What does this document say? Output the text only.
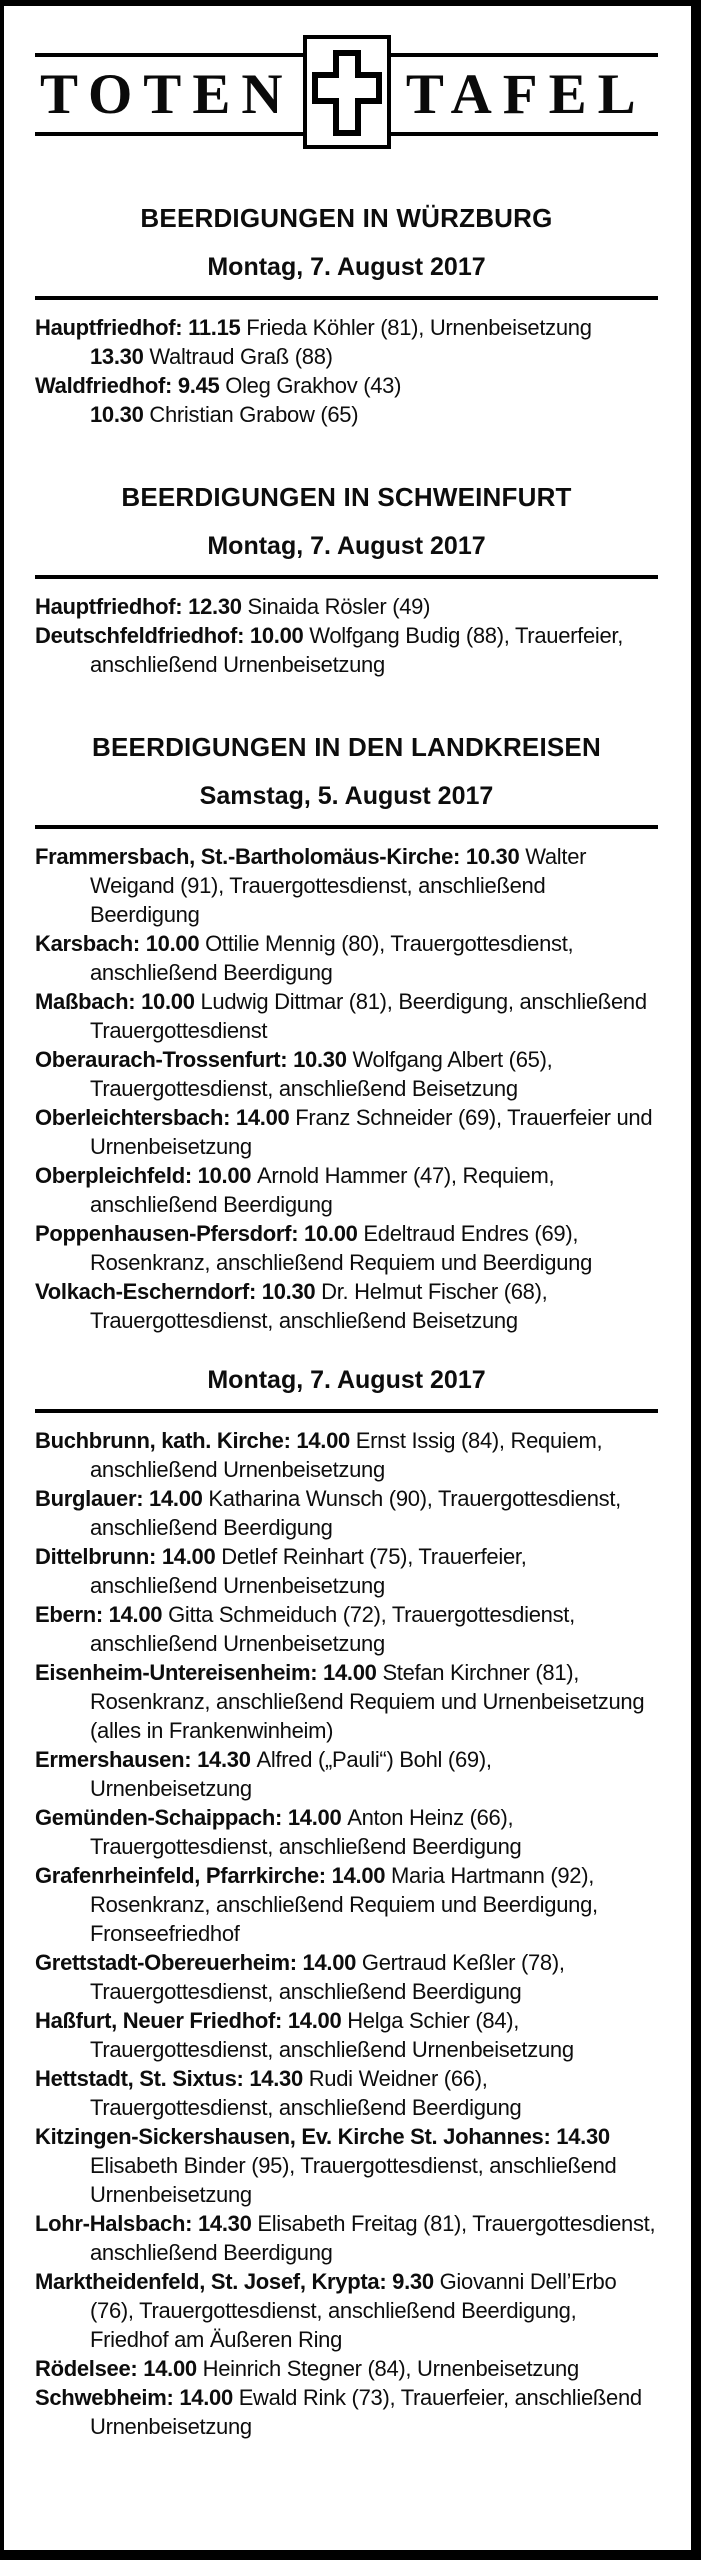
TOTEN TAFEL
BEERDIGUNGEN IN WÜRZBURG
Montag, 7. August 2017

Hauptfriedhof: 11.15 Frieda Köhler (81), Urnenbeisetzung

13.30 Waltraud Graß (88)

Waldfriedhof: 9.45 Oleg Grakhov (43)

10.30 Christian Grabow (65)

BEERDIGUNGEN IN SCHWEINFURT
Montag, 7. August 2017

Hauptfriedhof: 12.30 Sinaida Rösler (49)

Deutschfeldfriedhof: 10.00 Wolfgang Budig (88), Trauerfeier, anschließend Urnenbeisetzung

BEERDIGUNGEN IN DEN LANDKREISEN
Samstag, 5. August 2017

Frammersbach, St.-Bartholomäus-Kirche: 10.30 Walter Weigand (91), Trauergottesdienst, anschließend Beerdigung

Karsbach: 10.00 Ottilie Mennig (80), Trauergottesdienst, anschließend Beerdigung

Maßbach: 10.00 Ludwig Dittmar (81), Beerdigung, anschließend Trauergottesdienst

Oberaurach-Trossenfurt: 10.30 Wolfgang Albert (65), Trauergottesdienst, anschließend Beisetzung

Oberleichtersbach: 14.00 Franz Schneider (69), Trauerfeier und Urnenbeisetzung

Oberpleichfeld: 10.00 Arnold Hammer (47), Requiem, anschließend Beerdigung

Poppenhausen-Pfersdorf: 10.00 Edeltraud Endres (69), Rosenkranz, anschließend Requiem und Beerdigung

Volkach-Escherndorf: 10.30 Dr. Helmut Fischer (68), Trauergottesdienst, anschließend Beisetzung

Montag, 7. August 2017

Buchbrunn, kath. Kirche: 14.00 Ernst Issig (84), Requiem, anschließend Urnenbeisetzung

Burglauer: 14.00 Katharina Wunsch (90), Trauergottesdienst, anschließend Beerdigung

Dittelbrunn: 14.00 Detlef Reinhart (75), Trauerfeier, anschließend Urnenbeisetzung

Ebern: 14.00 Gitta Schmeiduch (72), Trauergottesdienst, anschließend Urnenbeisetzung

Eisenheim-Untereisenheim: 14.00 Stefan Kirchner (81), Rosenkranz, anschließend Requiem und Urnenbeisetzung (alles in Frankenwinheim)

Ermershausen: 14.30 Alfred („Pauli“) Bohl (69), Urnenbeisetzung

Gemünden-Schaippach: 14.00 Anton Heinz (66), Trauergottesdienst, anschließend Beerdigung

Grafenrheinfeld, Pfarrkirche: 14.00 Maria Hartmann (92), Rosenkranz, anschließend Requiem und Beerdigung, Fronseefriedhof

Grettstadt-Obereuerheim: 14.00 Gertraud Keßler (78), Trauergottesdienst, anschließend Beerdigung

Haßfurt, Neuer Friedhof: 14.00 Helga Schier (84), Trauergottesdienst, anschließend Urnenbeisetzung

Hettstadt, St. Sixtus: 14.30 Rudi Weidner (66), Trauergottesdienst, anschließend Beerdigung

Kitzingen-Sickershausen, Ev. Kirche St. Johannes: 14.30 Elisabeth Binder (95), Trauergottesdienst, anschließend Urnenbeisetzung

Lohr-Halsbach: 14.30 Elisabeth Freitag (81), Trauergottesdienst, anschließend Beerdigung

Marktheidenfeld, St. Josef, Krypta: 9.30 Giovanni Dell’Erbo (76), Trauergottesdienst, anschließend Beerdigung, Friedhof am Äußeren Ring

Rödelsee: 14.00 Heinrich Stegner (84), Urnenbeisetzung

Schwebheim: 14.00 Ewald Rink (73), Trauerfeier, anschließend Urnenbeisetzung
